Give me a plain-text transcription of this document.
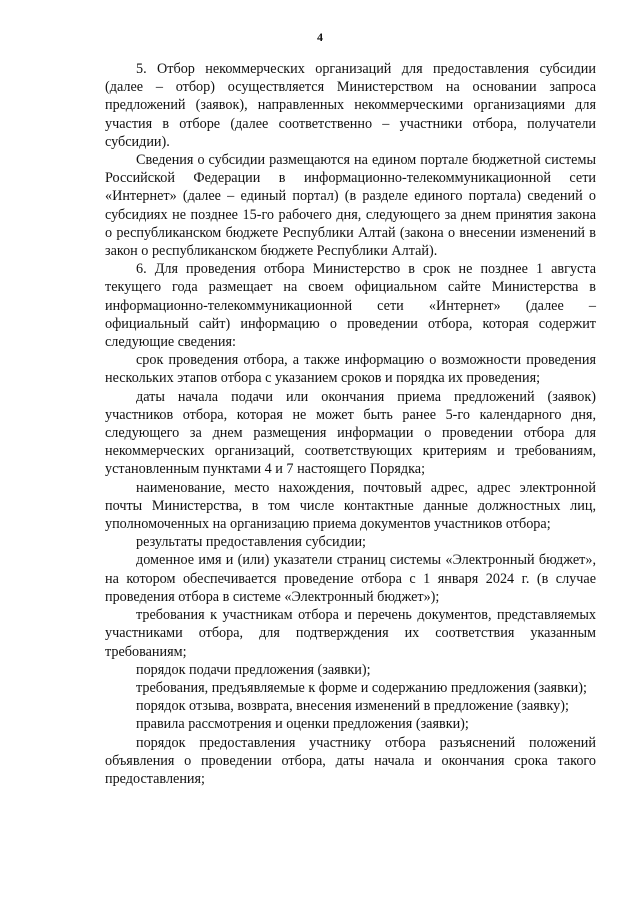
4

5. Отбор некоммерческих организаций для предоставления субсидии (далее – отбор) осуществляется Министерством на основании запроса предложений (заявок), направленных некоммерческими организациями для участия в отборе (далее соответственно – участники отбора, получатели субсидии).

Сведения о субсидии размещаются на едином портале бюджетной системы Российской Федерации в информационно-телекоммуникационной сети «Интернет» (далее – единый портал) (в разделе единого портала) сведений о субсидиях не позднее 15-го рабочего дня, следующего за днем принятия закона о республиканском бюджете Республики Алтай (закона о внесении изменений в закон о республиканском бюджете Республики Алтай).

6. Для проведения отбора Министерство в срок не позднее 1 августа текущего года размещает на своем официальном сайте Министерства в информационно-телекоммуникационной сети «Интернет» (далее – официальный сайт) информацию о проведении отбора, которая содержит следующие сведения:

срок проведения отбора, а также информацию о возможности проведения нескольких этапов отбора с указанием сроков и порядка их проведения;

даты начала подачи или окончания приема предложений (заявок) участников отбора, которая не может быть ранее 5-го календарного дня, следующего за днем размещения информации о проведении отбора для некоммерческих организаций, соответствующих критериям и требованиям, установленным пунктами 4 и 7 настоящего Порядка;

наименование, место нахождения, почтовый адрес, адрес электронной почты Министерства, в том числе контактные данные должностных лиц, уполномоченных на организацию приема документов участников отбора;

результаты предоставления субсидии;

доменное имя и (или) указатели страниц системы «Электронный бюджет», на котором обеспечивается проведение отбора с 1 января 2024 г. (в случае проведения отбора в системе «Электронный бюджет»);

требования к участникам отбора и перечень документов, представляемых участниками отбора, для подтверждения их соответствия указанным требованиям;

порядок подачи предложения (заявки);

требования, предъявляемые к форме и содержанию предложения (заявки);

порядок отзыва, возврата, внесения изменений в предложение (заявку);

правила рассмотрения и оценки предложения (заявки);

порядок предоставления участнику отбора разъяснений положений объявления о проведении отбора, даты начала и окончания срока такого предоставления;
